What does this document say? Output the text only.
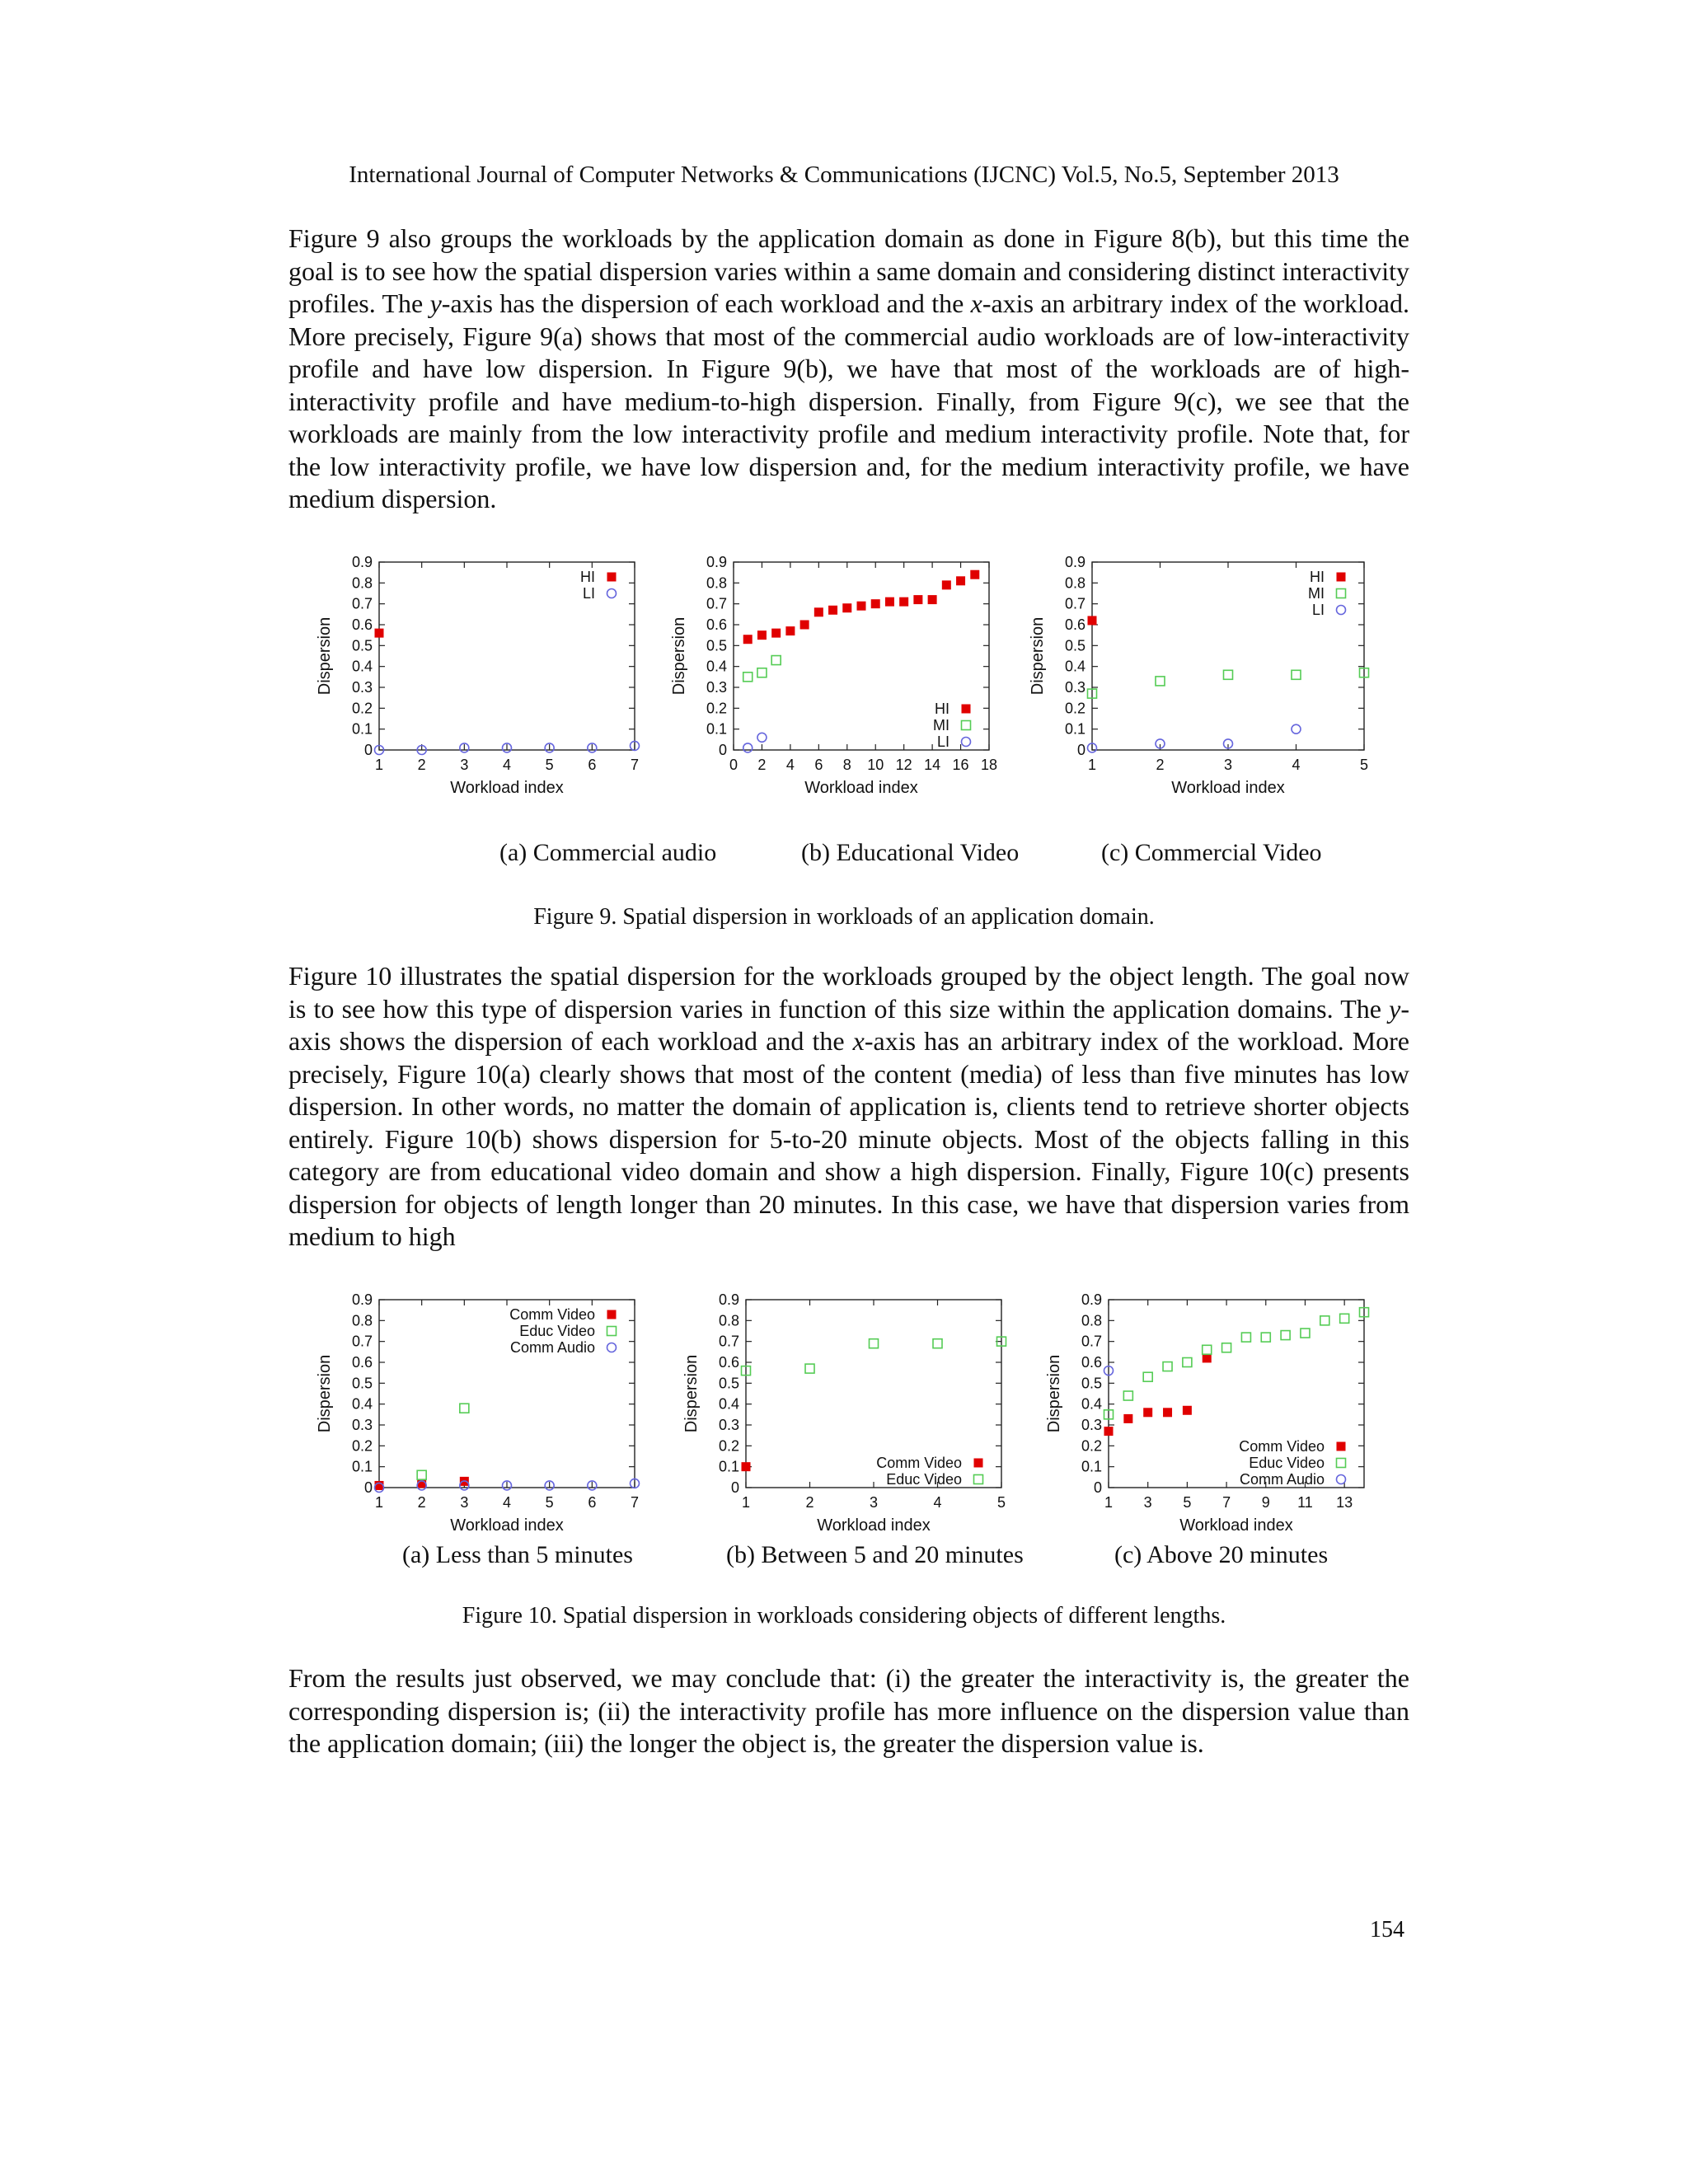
International Journal of Computer Networks & Communications (IJCNC) Vol.5, No.5, September 2013

Figure 9 also groups the workloads by the application domain as done in Figure 8(b), but this time the goal is to see how the spatial dispersion varies within a same domain and considering distinct interactivity profiles. The y-axis has the dispersion of each workload and the x-axis an arbitrary index of the workload. More precisely, Figure 9(a) shows that most of the commercial audio workloads are of low-interactivity profile and have low dispersion. In Figure 9(b), we have that most of the workloads are of high-interactivity profile and have medium-to-high dispersion. Finally, from Figure 9(c), we see that the workloads are mainly from the low interactivity profile and medium interactivity profile. Note that, for the low interactivity profile, we have low dispersion and, for the medium interactivity profile, we have medium dispersion.

0
0.1
0.2
0.3
0.4
0.5
0.6
0.7
0.8
0.9
1 2 3 4 5 6 7
Workload index
Dispersion
HI
LI
0
0.1
0.2
0.3
0.4
0.5
0.6
0.7
0.8
0.9
0 2 4 6 8 10 12 14 16 18
Workload index
Dispersion
HI
MI
LI	0
0.1
0.2
0.3
0.4
0.5
0.6
0.7
0.8
0.9
1	2	3	4	5
Workload index
Dispersion
HI
MI
LI
(a) Commercial audio	(b) Educational Video	(c) Commercial Video
Figure 9. Spatial dispersion in workloads of an application domain.

Figure 10 illustrates the spatial dispersion for the workloads grouped by the object length. The goal now is to see how this type of dispersion varies in function of this size within the application domains. The y-axis shows the dispersion of each workload and the x-axis has an arbitrary index of the workload. More precisely, Figure 10(a) clearly shows that most of the content (media) of less than five minutes has low dispersion. In other words, no matter the domain of application is, clients tend to retrieve shorter objects entirely. Figure 10(b) shows dispersion for 5-to-20 minute objects. Most of the objects falling in this category are from educational video domain and show a high dispersion. Finally, Figure 10(c) presents dispersion for objects of length longer than 20 minutes. In this case, we have that dispersion varies from medium to high

0
0.1
0.2
0.3
0.4
0.5
0.6
0.7
0.8
0.9
1 2 3 4 5 6 7
Workload index
Dispersion
Comm Video
Educ Video
Comm Audio
0
0.1
0.2
0.3
0.4
0.5
0.6
0.7
0.8
0.9
1	2	3	4	5
Workload index
Dispersion
Comm Video
Educ Video	0
0.1
0.2
0.3
0.4
0.5
0.6
0.7
0.8
0.9
1 3 5 7 9 11 13
Workload index
Dispersion
Comm Video
Educ Video
Comm Audio
(a) Less than 5 minutes	(b) Between 5 and 20 minutes	(c) Above 20 minutes
Figure 10. Spatial dispersion in workloads considering objects of different lengths.

From the results just observed, we may conclude that: (i) the greater the interactivity is, the greater the corresponding dispersion is; (ii) the interactivity profile has more influence on the dispersion value than the application domain; (iii) the longer the object is, the greater the dispersion value is.

154
